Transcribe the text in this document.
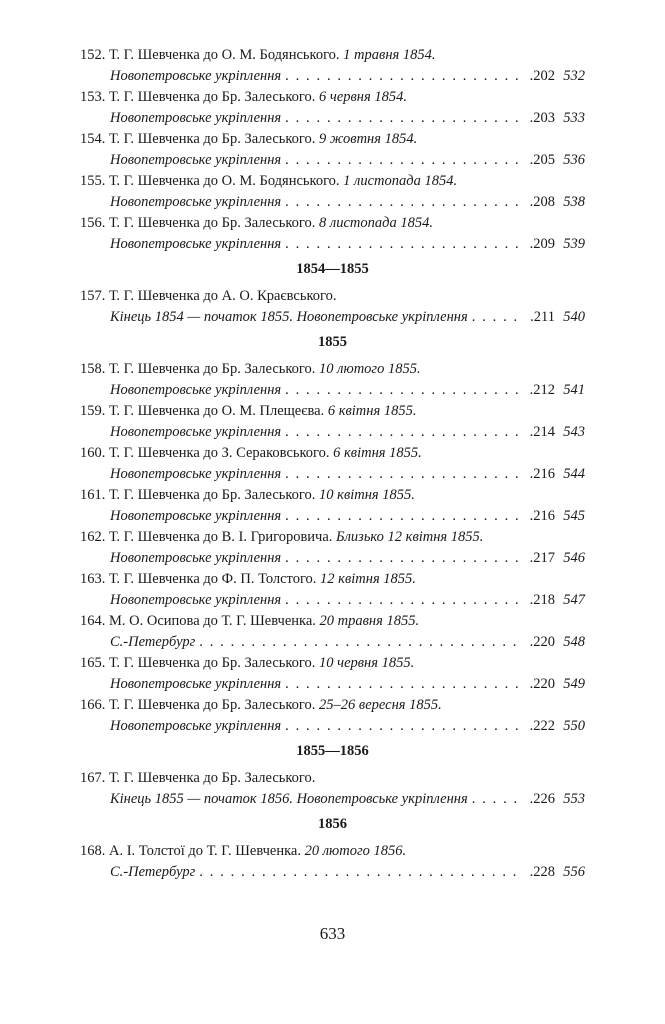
152. Т. Г. Шевченка до О. М. Бодянського. 1 травня 1854.
Новопетровське укріплення . . .	.202 532
153. Т. Г. Шевченка до Бр. Залеського. 6 червня 1854.
Новопетровське укріплення . . .	.203 533
154. Т. Г. Шевченка до Бр. Залеського. 9 жовтня 1854.
Новопетровське укріплення . . .	.205 536
155. Т. Г. Шевченка до О. М. Бодянського. 1 листопада 1854.
Новопетровське укріплення . . .	.208 538
156. Т. Г. Шевченка до Бр. Залеського. 8 листопада 1854.
Новопетровське укріплення . . .	.209 539
1854—1855
157. Т. Г. Шевченка до А. О. Краєвського.
Кінець 1854 — початок 1855. Новопетровське укріплення . . .	.211 540
1855
158. Т. Г. Шевченка до Бр. Залеського. 10 лютого 1855.
Новопетровське укріплення . . .	.212 541
159. Т. Г. Шевченка до О. М. Плещеєва. 6 квітня 1855.
Новопетровське укріплення . . .	.214 543
160. Т. Г. Шевченка до З. Сераковського. 6 квітня 1855.
Новопетровське укріплення . . .	.216 544
161. Т. Г. Шевченка до Бр. Залеського. 10 квітня 1855.
Новопетровське укріплення . . .	.216 545
162. Т. Г. Шевченка до В. І. Григоровича. Близько 12 квітня 1855.
Новопетровське укріплення . . .	.217 546
163. Т. Г. Шевченка до Ф. П. Толстого. 12 квітня 1855.
Новопетровське укріплення . . .	.218 547
164. М. О. Осипова до Т. Г. Шевченка. 20 травня 1855.
С.-Петербург . . .	.220 548
165. Т. Г. Шевченка до Бр. Залеського. 10 червня 1855.
Новопетровське укріплення . . .	.220 549
166. Т. Г. Шевченка до Бр. Залеського. 25–26 вересня 1855.
Новопетровське укріплення . . .	.222 550
1855—1856
167. Т. Г. Шевченка до Бр. Залеського.
Кінець 1855 — початок 1856. Новопетровське укріплення . . .	.226 553
1856
168. А. І. Толстої до Т. Г. Шевченка. 20 лютого 1856.
С.-Петербург . . .	.228 556
633
